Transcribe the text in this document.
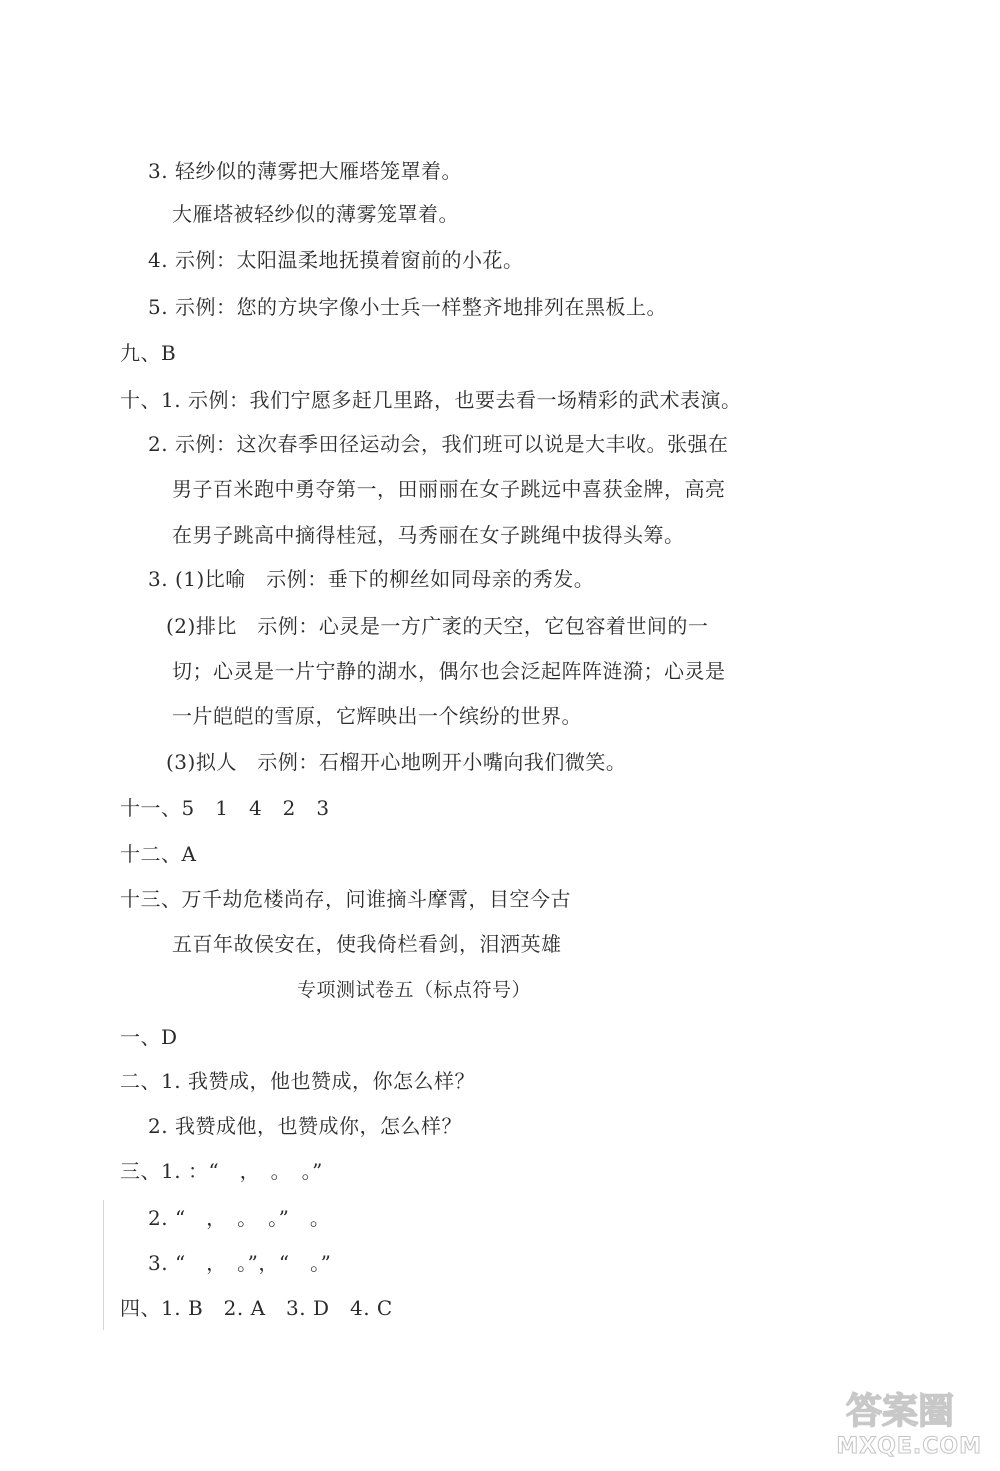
3. 轻纱似的薄雾把大雁塔笼罩着。
大雁塔被轻纱似的薄雾笼罩着。
4. 示例：太阳温柔地抚摸着窗前的小花。
5. 示例：您的方块字像小士兵一样整齐地排列在黑板上。
九、B
十、1. 示例：我们宁愿多赶几里路，也要去看一场精彩的武术表演。
2. 示例：这次春季田径运动会，我们班可以说是大丰收。张强在
男子百米跑中勇夺第一，田丽丽在女子跳远中喜获金牌，高亮
在男子跳高中摘得桂冠，马秀丽在女子跳绳中拔得头筹。
3. (1)比喻　示例：垂下的柳丝如同母亲的秀发。
(2)排比　示例：心灵是一方广袤的天空，它包容着世间的一
切；心灵是一片宁静的湖水，偶尔也会泛起阵阵涟漪；心灵是
一片皑皑的雪原，它辉映出一个缤纷的世界。
(3)拟人　示例：石榴开心地咧开小嘴向我们微笑。
十一、5　1　4　2　3
十二、A
十三、万千劫危楼尚存，问谁摘斗摩霄，目空今古
五百年故侯安在，使我倚栏看剑，泪洒英雄
专项测试卷五（标点符号）
一、D
二、1. 我赞成，他也赞成，你怎么样？
2. 我赞成他，也赞成你，怎么样？
三、1. ：“　，　。　。”
2. “　，　。　。”　。
3. “　，　。”，“　。”
四、1. B　2. A　3. D　4. C
答案圈
MXQE.COM
